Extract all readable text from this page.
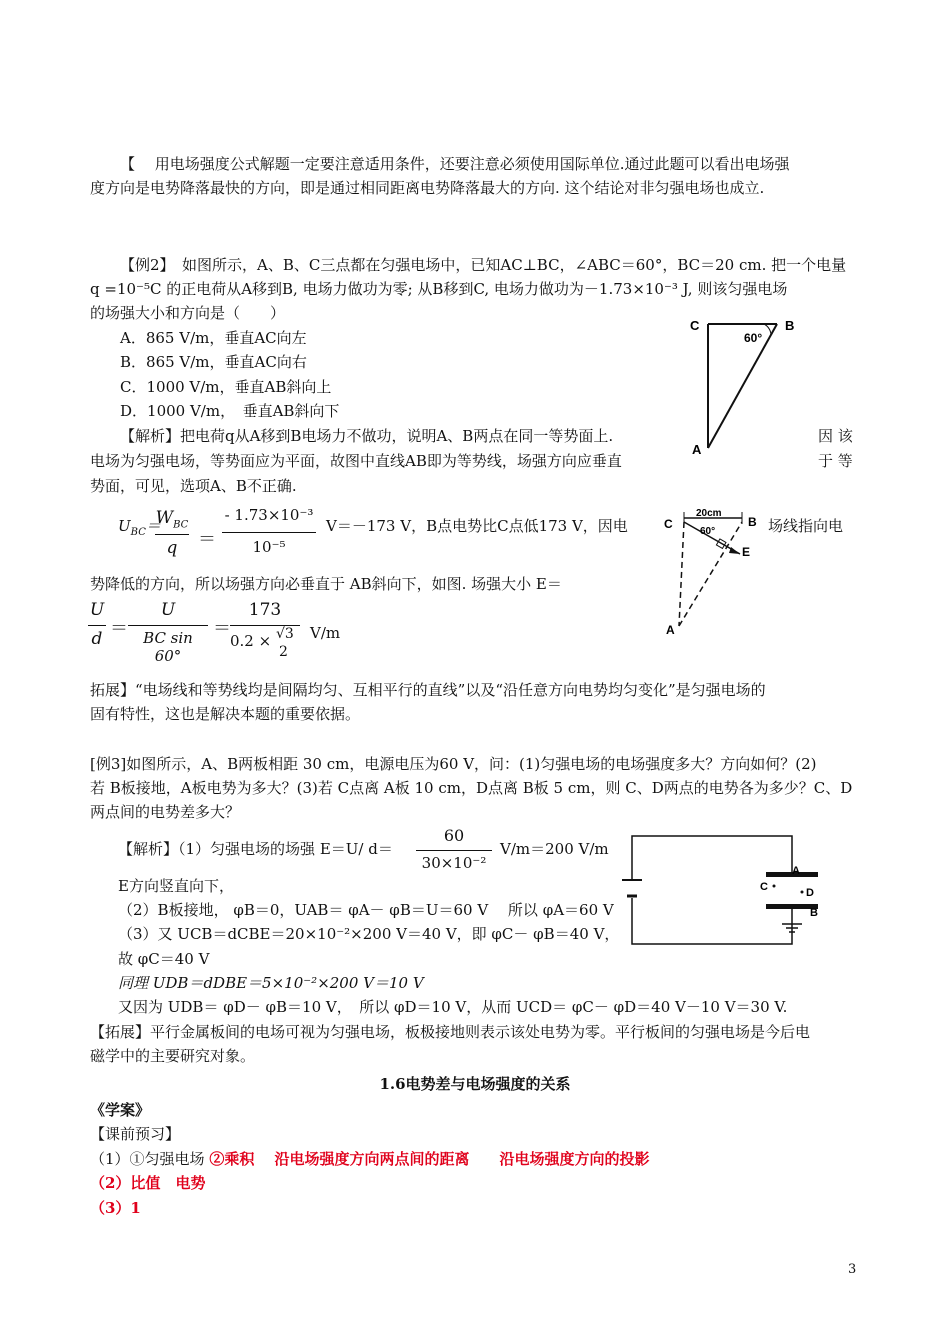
【　 用电场强度公式解题一定要注意适用条件，还要注意必须使用国际单位.通过此题可以看出电场强
度方向是电势降落最快的方向，即是通过相同距离电势降落最大的方向. 这个结论对非匀强电场也成立.
【例2】　如图所示，A、B、C三点都在匀强电场中，已知AC⊥BC，∠ABC＝60°，BC＝20 cm. 把一个电量
q =10⁻⁵C 的正电荷从A移到B, 电场力做功为零; 从B移到C, 电场力做功为－1.73×10⁻³ J, 则该匀强电场
的场强大小和方向是（　　）
A．865 V/m，垂直AC向左
B．865 V/m，垂直AC向右
C．1000 V/m，垂直AB斜向上
D．1000 V/m，　垂直AB斜向下
【解析】把电荷q从A移到B电场力不做功，说明A、B两点在同一等势面上.	因 该
电场为匀强电场，等势面应为平面，故图中直线AB即为等势线，场强方向应垂直	于 等
势面，可见，选项A、B不正确.
$U_{BC}=$
$W_{BC}$
q	＝
- 1.73×10⁻³
10⁻⁵
V＝－173 V，B点电势比C点低173 V，因电	场线指向电
势降低的方向，所以场强方向必垂直于 AB斜向下，如图. 场强大小 E＝
U
d ＝
U
BC sin 60°
＝
173
0.2 × √3
2
V/m
拓展】“电场线和等势线均是间隔均匀、互相平行的直线”以及“沿任意方向电势均匀变化”是匀强电场的
固有特性，这也是解决本题的重要依据。
C	B
A
60°
20cm
60°
C	B
E
A
[例3]如图所示，A、B两板相距 30 cm，电源电压为60 V，问：(1)匀强电场的电场强度多大？方向如何？(2)
若 B板接地，A板电势为多大？(3)若 C点离 A板 10 cm，D点离 B板 5 cm，则 C、D两点的电势各为多少？C、D
两点间的电势差多大？
【解析】（1）匀强电场的场强 E＝U/ d＝
60
30×10⁻²
V/m＝200 V/m
E方向竖直向下，
（2）B板接地， φB＝0，UAB＝ φA－ φB＝U＝60 V　 所以 φA＝60 V
（3）又 UCB＝dCBE＝20×10⁻²×200 V＝40 V，即 φC－ φB＝40 V，
故 φC＝40 V
同理 UDB＝dDBE＝5×10⁻²×200 V＝10 V
又因为 UDB＝ φD－ φB＝10 V，　所以 φD＝10 V，从而 UCD＝ φC－ φD＝40 V－10 V＝30 V.
【拓展】平行金属板间的电场可视为匀强电场，板极接地则表示该处电势为零。平行板间的匀强电场是今后电
磁学中的主要研究对象。
A
C	D
B
1.6电势差与电场强度的关系
《学案》
【课前预习】
（1）①匀强电场 ②乘积　 沿电场强度方向两点间的距离　　沿电场强度方向的投影
（2）比值　电势
（3）1
3
